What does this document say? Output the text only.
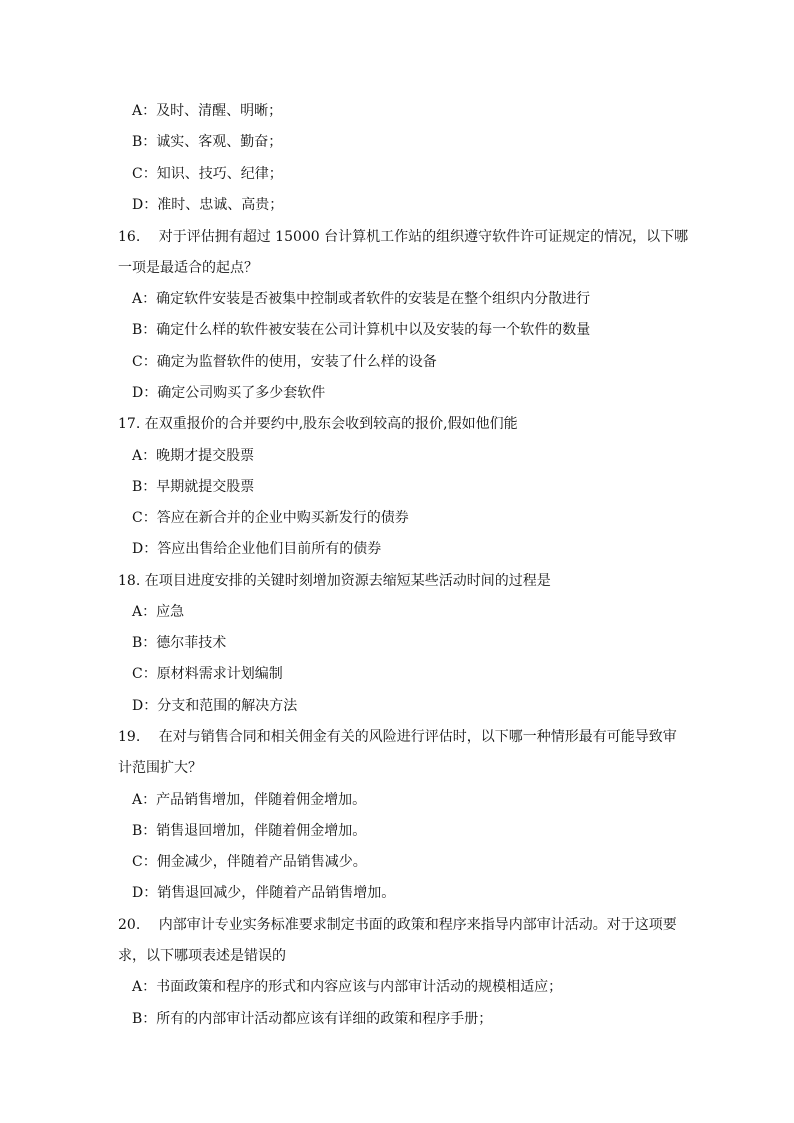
A：及时、清醒、明晰；
B：诚实、客观、勤奋；
C：知识、技巧、纪律；
D：准时、忠诚、高贵；
16.　 对于评估拥有超过 15000 台计算机工作站的组织遵守软件许可证规定的情况，以下哪
一项是最适合的起点？
A：确定软件安装是否被集中控制或者软件的安装是在整个组织内分散进行
B：确定什么样的软件被安装在公司计算机中以及安装的每一个软件的数量
C：确定为监督软件的使用，安装了什么样的设备
D：确定公司购买了多少套软件
17. 在双重报价的合并要约中,股东会收到较高的报价,假如他们能
A：晚期才提交股票
B：早期就提交股票
C：答应在新合并的企业中购买新发行的债券
D：答应出售给企业他们目前所有的债券
18. 在项目进度安排的关键时刻增加资源去缩短某些活动时间的过程是
A：应急
B：德尔菲技术
C：原材料需求计划编制
D：分支和范围的解决方法
19.　 在对与销售合同和相关佣金有关的风险进行评估时，以下哪一种情形最有可能导致审
计范围扩大？
A：产品销售增加，伴随着佣金增加。
B：销售退回增加，伴随着佣金增加。
C：佣金减少，伴随着产品销售减少。
D：销售退回减少，伴随着产品销售增加。
20.　 内部审计专业实务标准要求制定书面的政策和程序来指导内部审计活动。对于这项要
求，以下哪项表述是错误的
A：书面政策和程序的形式和内容应该与内部审计活动的规模相适应；
B：所有的内部审计活动都应该有详细的政策和程序手册；
